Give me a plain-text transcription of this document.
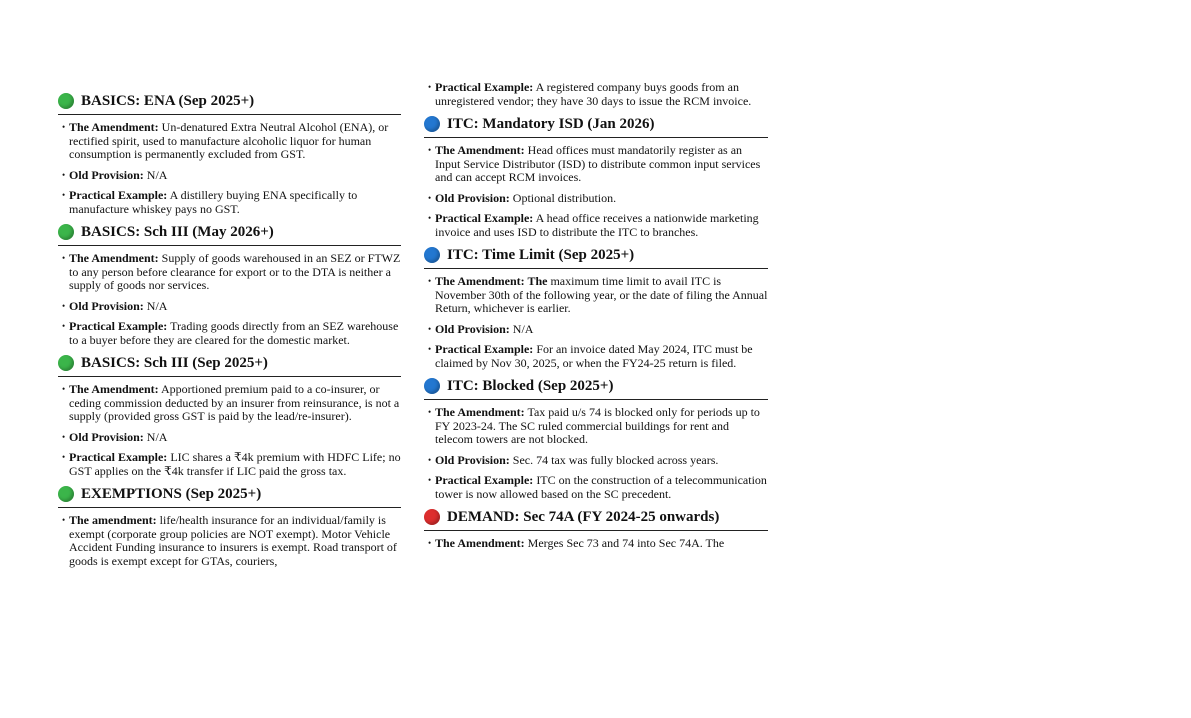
BASICS: ENA (Sep 2025+)
• The Amendment: Un-denatured Extra Neutral Alcohol (ENA), or rectified spirit, used to manufacture alcoholic liquor for human consumption is permanently excluded from GST.
• Old Provision: N/A
• Practical Example: A distillery buying ENA specifically to manufacture whiskey pays no GST.
BASICS: Sch III (May 2026+)
• The Amendment: Supply of goods warehoused in an SEZ or FTWZ to any person before clearance for export or to the DTA is neither a supply of goods nor services.
• Old Provision: N/A
• Practical Example: Trading goods directly from an SEZ warehouse to a buyer before they are cleared for the domestic market.
BASICS: Sch III (Sep 2025+)
• The Amendment: Apportioned premium paid to a co-insurer, or ceding commission deducted by an insurer from reinsurance, is not a supply (provided gross GST is paid by the lead/re-insurer).
• Old Provision: N/A
• Practical Example: LIC shares a ₹4k premium with HDFC Life; no GST applies on the ₹4k transfer if LIC paid the gross tax.
EXEMPTIONS (Sep 2025+)
• The amendment: life/health insurance for an individual/family is exempt (corporate group policies are NOT exempt). Motor Vehicle Accident Funding insurance to insurers is exempt. Road transport of goods is exempt except for GTAs, couriers,
• Practical Example: A registered company buys goods from an unregistered vendor; they have 30 days to issue the RCM invoice.
ITC: Mandatory ISD (Jan 2026)
• The Amendment: Head offices must mandatorily register as an Input Service Distributor (ISD) to distribute common input services and can accept RCM invoices.
• Old Provision: Optional distribution.
• Practical Example: A head office receives a nationwide marketing invoice and uses ISD to distribute the ITC to branches.
ITC: Time Limit (Sep 2025+)
• The Amendment: The maximum time limit to avail ITC is November 30th of the following year, or the date of filing the Annual Return, whichever is earlier.
• Old Provision: N/A
• Practical Example: For an invoice dated May 2024, ITC must be claimed by Nov 30, 2025, or when the FY24-25 return is filed.
ITC: Blocked (Sep 2025+)
• The Amendment: Tax paid u/s 74 is blocked only for periods up to FY 2023-24. The SC ruled commercial buildings for rent and telecom towers are not blocked.
• Old Provision: Sec. 74 tax was fully blocked across years.
• Practical Example: ITC on the construction of a telecommunication tower is now allowed based on the SC precedent.
DEMAND: Sec 74A (FY 2024-25 onwards)
• The Amendment: Merges Sec 73 and 74 into Sec 74A. The
